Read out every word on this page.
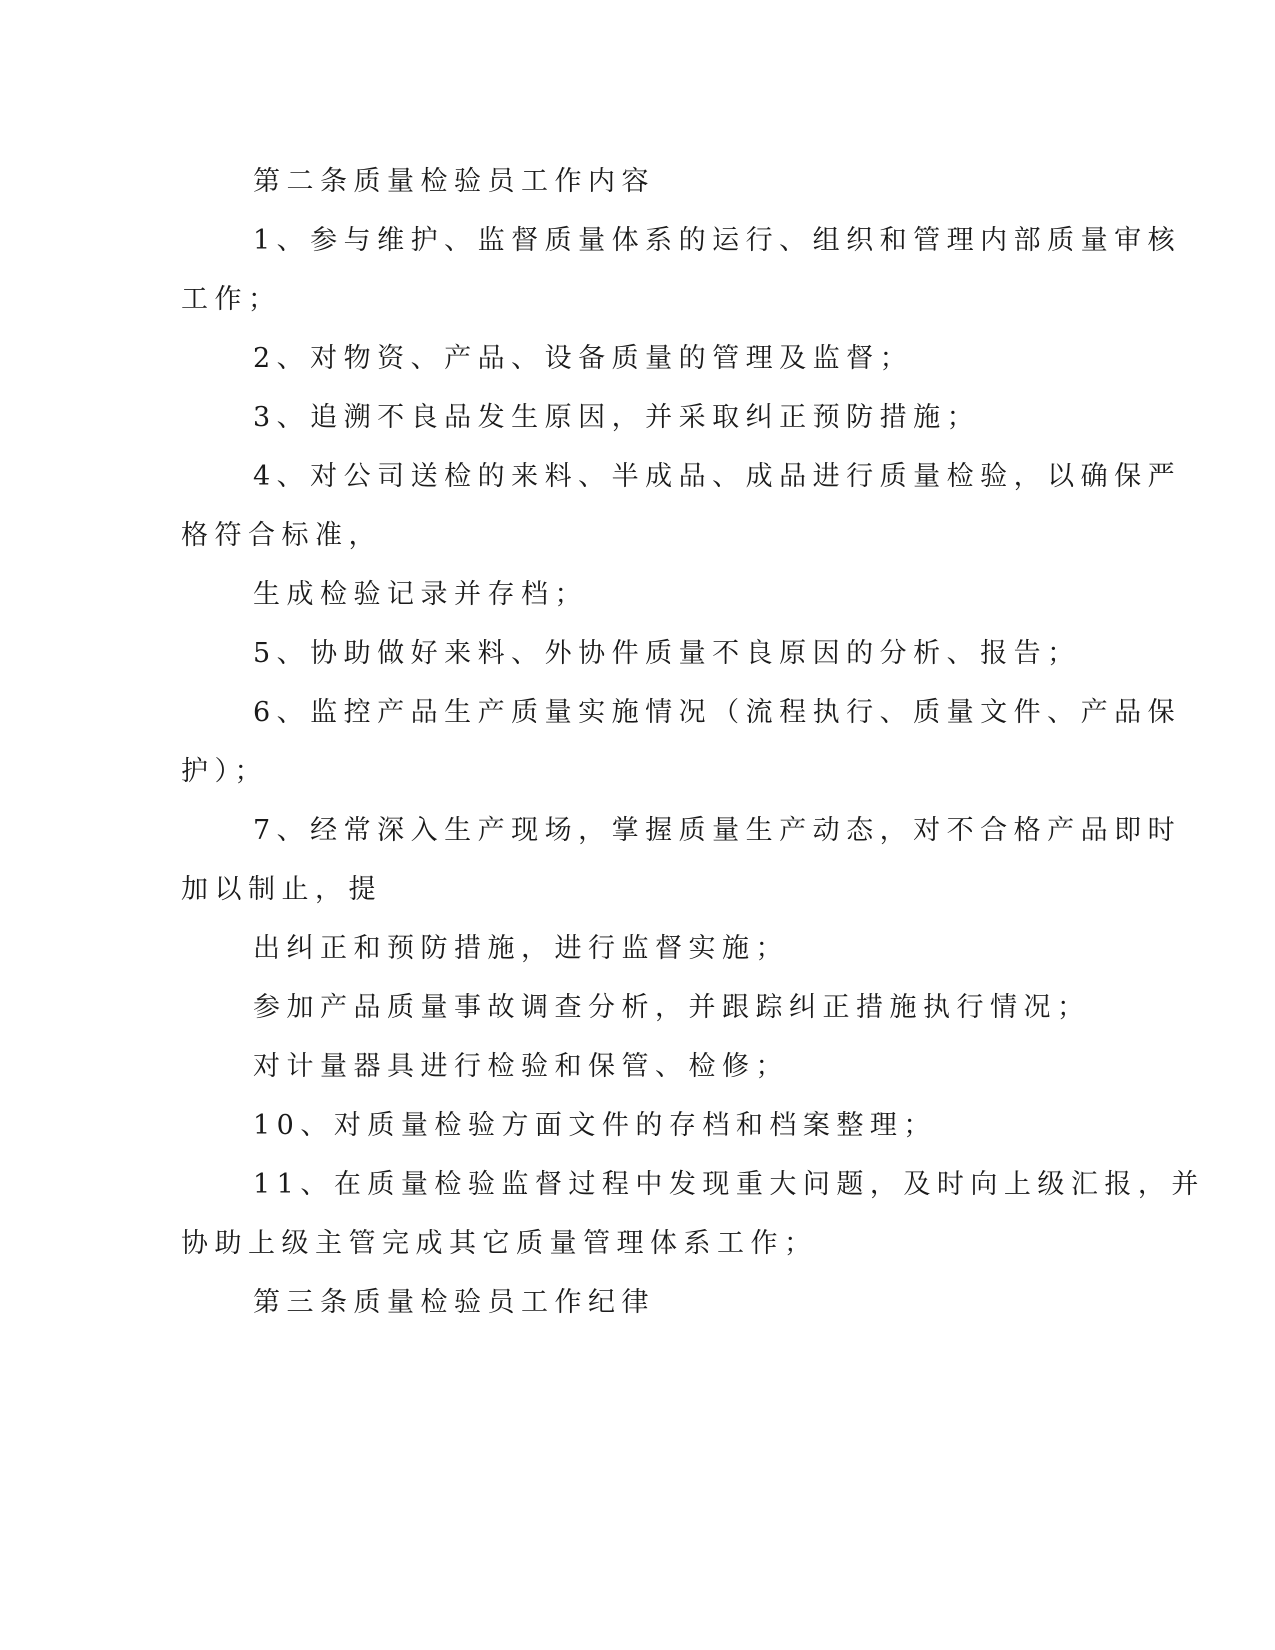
第二条质量检验员工作内容
1、参与维护、监督质量体系的运行、组织和管理内部质量审核
工作；
2、对物资、产品、设备质量的管理及监督；
3、追溯不良品发生原因，并采取纠正预防措施；
4、对公司送检的来料、半成品、成品进行质量检验，以确保严
格符合标准，
生成检验记录并存档；
5、协助做好来料、外协件质量不良原因的分析、报告；
6、监控产品生产质量实施情况（流程执行、质量文件、产品保
护）；
7、经常深入生产现场，掌握质量生产动态，对不合格产品即时
加以制止，提
出纠正和预防措施，进行监督实施；
参加产品质量事故调查分析，并跟踪纠正措施执行情况；
对计量器具进行检验和保管、检修；
10、对质量检验方面文件的存档和档案整理；
11、在质量检验监督过程中发现重大问题，及时向上级汇报，并
协助上级主管完成其它质量管理体系工作；
第三条质量检验员工作纪律
